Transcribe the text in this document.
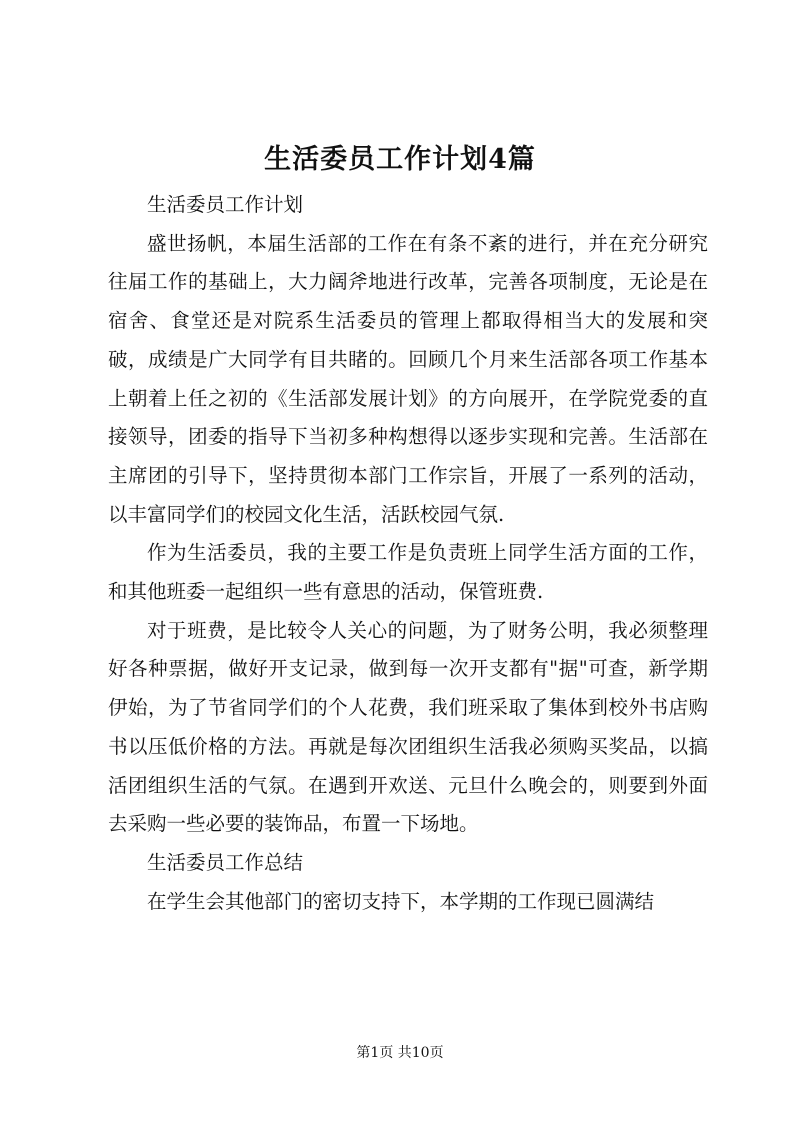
生活委员工作计划4篇

生活委员工作计划

盛世扬帆，本届生活部的工作在有条不紊的进行，并在充分研究往届工作的基础上，大力阔斧地进行改革，完善各项制度，无论是在宿舍、食堂还是对院系生活委员的管理上都取得相当大的发展和突破，成绩是广大同学有目共睹的。回顾几个月来生活部各项工作基本上朝着上任之初的《生活部发展计划》的方向展开，在学院党委的直接领导，团委的指导下当初多种构想得以逐步实现和完善。生活部在主席团的引导下，坚持贯彻本部门工作宗旨，开展了一系列的活动，以丰富同学们的校园文化生活，活跃校园气氛.

作为生活委员，我的主要工作是负责班上同学生活方面的工作，和其他班委一起组织一些有意思的活动，保管班费.

对于班费，是比较令人关心的问题，为了财务公明，我必须整理好各种票据，做好开支记录，做到每一次开支都有"据"可查，新学期伊始，为了节省同学们的个人花费，我们班采取了集体到校外书店购书以压低价格的方法。再就是每次团组织生活我必须购买奖品，以搞活团组织生活的气氛。在遇到开欢送、元旦什么晚会的，则要到外面去采购一些必要的装饰品，布置一下场地。

生活委员工作总结

在学生会其他部门的密切支持下，本学期的工作现已圆满结

第1页 共10页
